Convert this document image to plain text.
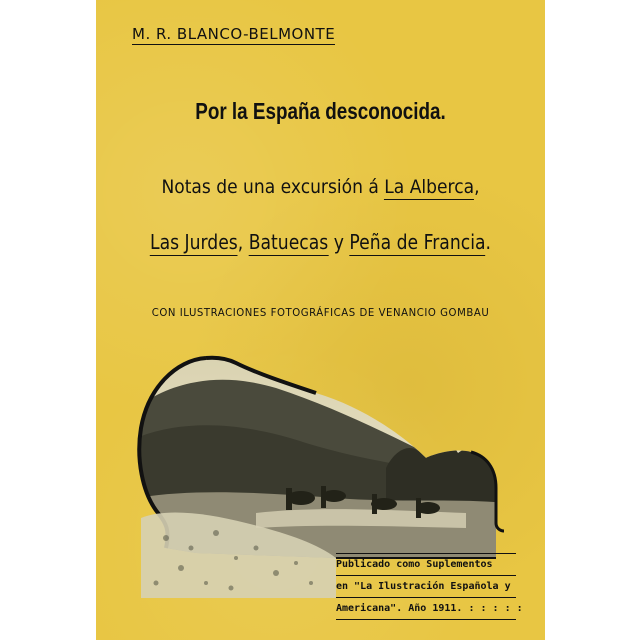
M. R. BLANCO-BELMONTE
Por la España desconocida.
Notas de una excursión á La Alberca,
Las Jurdes, Batuecas y Peña de Francia.
CON ILUSTRACIONES FOTOGRÁFICAS DE VENANCIO GOMBAU
Publicado como Suplementos
en "La Ilustración Española y
Americana". Año 1911. : : : : :
